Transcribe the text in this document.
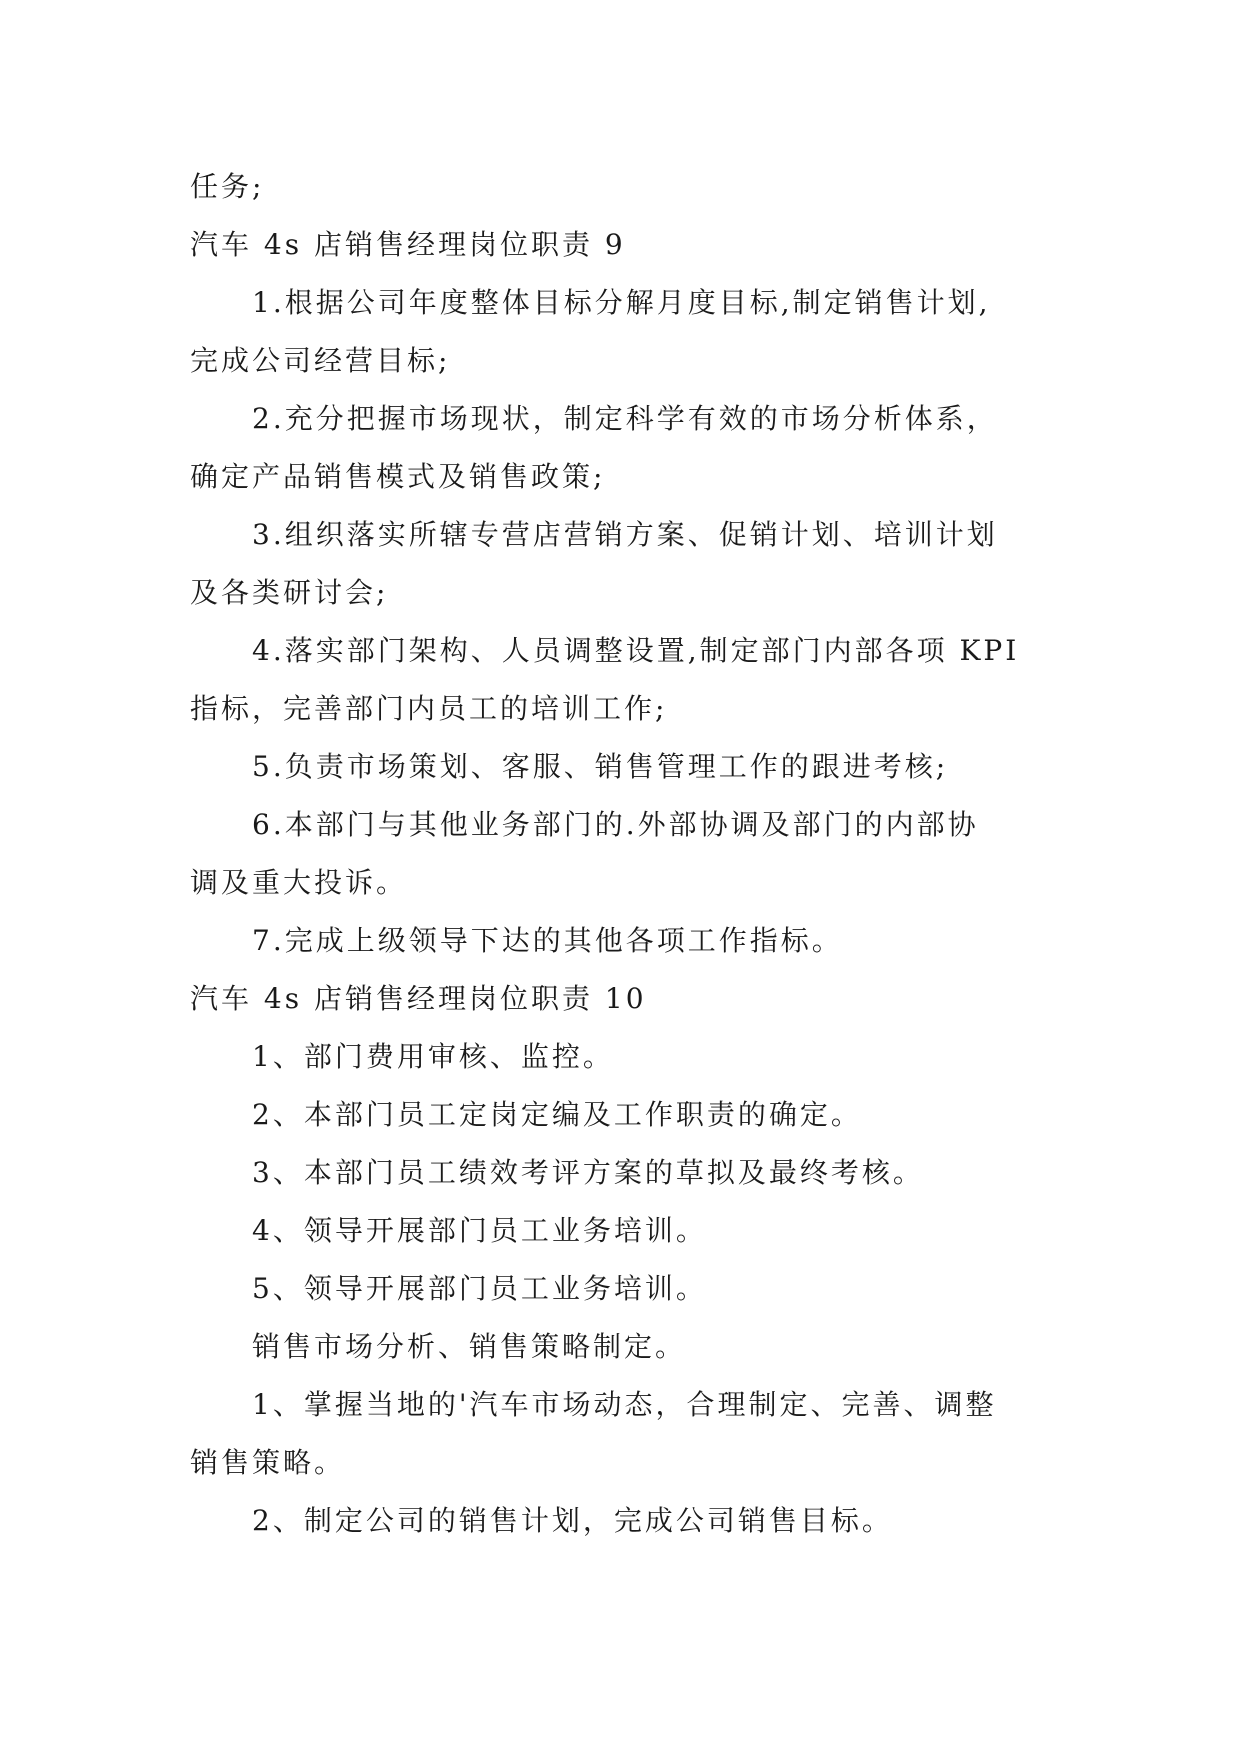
任务;
汽车 4s 店销售经理岗位职责 9
1.根据公司年度整体目标分解月度目标,制定销售计划,
完成公司经营目标;
2.充分把握市场现状，制定科学有效的市场分析体系，
确定产品销售模式及销售政策;
3.组织落实所辖专营店营销方案、促销计划、培训计划
及各类研讨会;
4.落实部门架构、人员调整设置,制定部门内部各项 KPI
指标，完善部门内员工的培训工作;
5.负责市场策划、客服、销售管理工作的跟进考核;
6.本部门与其他业务部门的.外部协调及部门的内部协
调及重大投诉。
7.完成上级领导下达的其他各项工作指标。
汽车 4s 店销售经理岗位职责 10
1、部门费用审核、监控。
2、本部门员工定岗定编及工作职责的确定。
3、本部门员工绩效考评方案的草拟及最终考核。
4、领导开展部门员工业务培训。
5、领导开展部门员工业务培训。
销售市场分析、销售策略制定。
1、掌握当地的'汽车市场动态，合理制定、完善、调整
销售策略。
2、制定公司的销售计划，完成公司销售目标。
